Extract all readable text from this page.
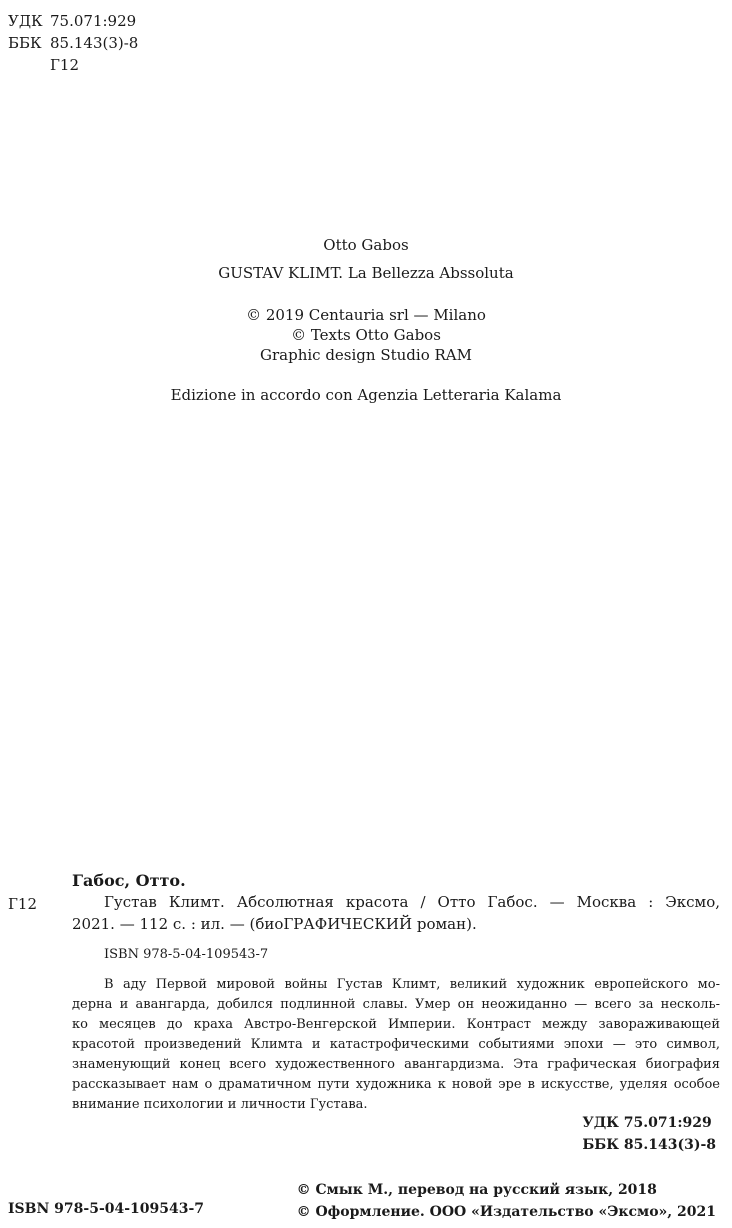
УДК 75.071:929
ББК 85.143(3)-8
Г12
Otto Gabos
GUSTAV KLIMT. La Bellezza Abssoluta
© 2019 Centauria srl — Milano
© Texts Otto Gabos
Graphic design Studio RAM
Edizione in accordo con Agenzia Letteraria Kalama
Габос, Отто.
Г12	Густав Климт. Абсолютная красота / Отто Габос. — Москва : Эксмо,
2021. — 112 с. : ил. — (биоГРАФИЧЕСКИЙ роман).
ISBN 978-5-04-109543-7
В аду Первой мировой войны Густав Климт, великий художник европейского мо-
дерна и авангарда, добился подлинной славы. Умер он неожиданно — всего за несколь-
ко месяцев до краха Австро-Венгерской Империи. Контраст между завораживающей
красотой произведений Климта и катастрофическими событиями эпохи — это символ,
знаменующий конец всего художественного авангардизма. Эта графическая биография
рассказывает нам о драматичном пути художника к новой эре в искусстве, уделяя особое
внимание психологии и личности Густава.
УДК 75.071:929
ББК 85.143(3)-8
ISBN 978-5-04-109543-7
© Смык М., перевод на русский язык, 2018
© Оформление. ООО «Издательство «Эксмо», 2021
